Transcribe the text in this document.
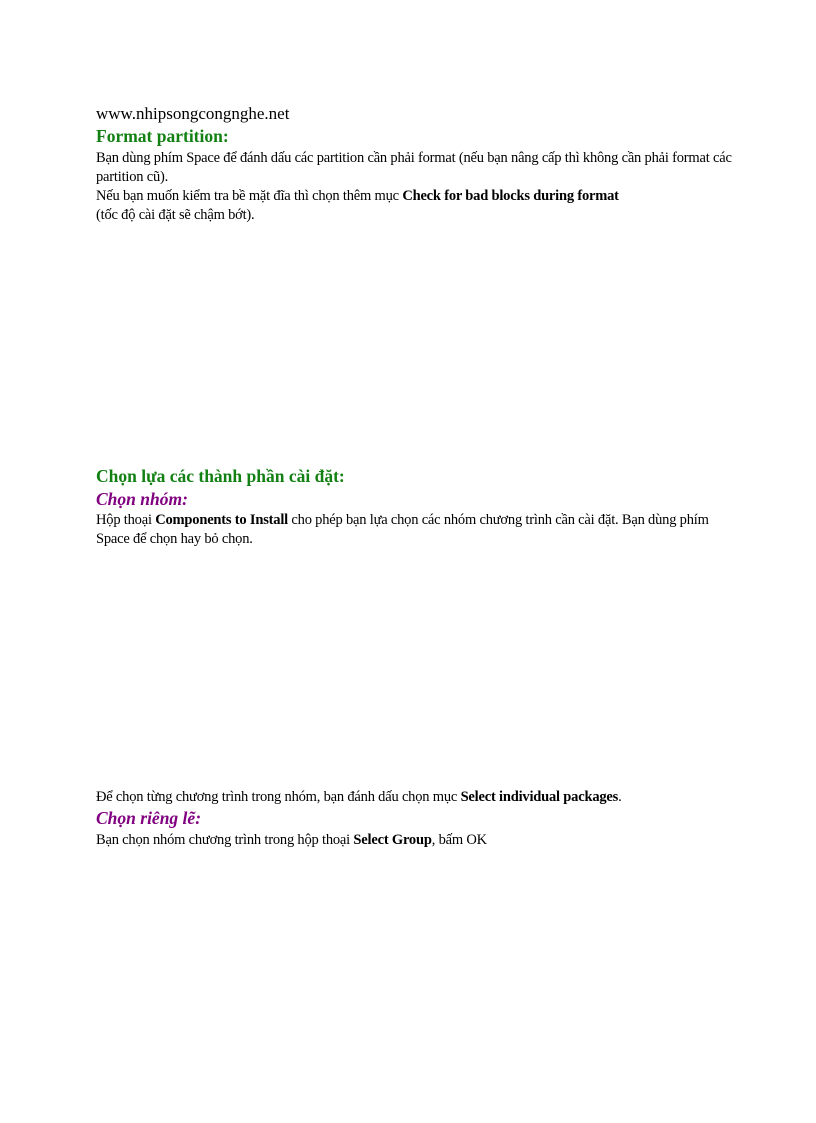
www.nhipsongcongnghe.net
Format partition:
Bạn dùng phím Space để đánh dấu các partition cần phải format (nếu bạn nâng cấp thì không cần phải format các partition cũ).
Nếu bạn muốn kiểm tra bề mặt đĩa thì chọn thêm mục Check for bad blocks during format
(tốc độ cài đặt sẽ chậm bớt).
Chọn lựa các thành phần cài đặt:
Chọn nhóm:
Hộp thoại Components to Install cho phép bạn lựa chọn các nhóm chương trình cần cài đặt. Bạn dùng phím Space để chọn hay bỏ chọn.
Để chọn từng chương trình trong nhóm, bạn đánh dấu chọn mục Select individual packages.
Chọn riêng lẽ:
Bạn chọn nhóm chương trình trong hộp thoại Select Group, bấm OK
